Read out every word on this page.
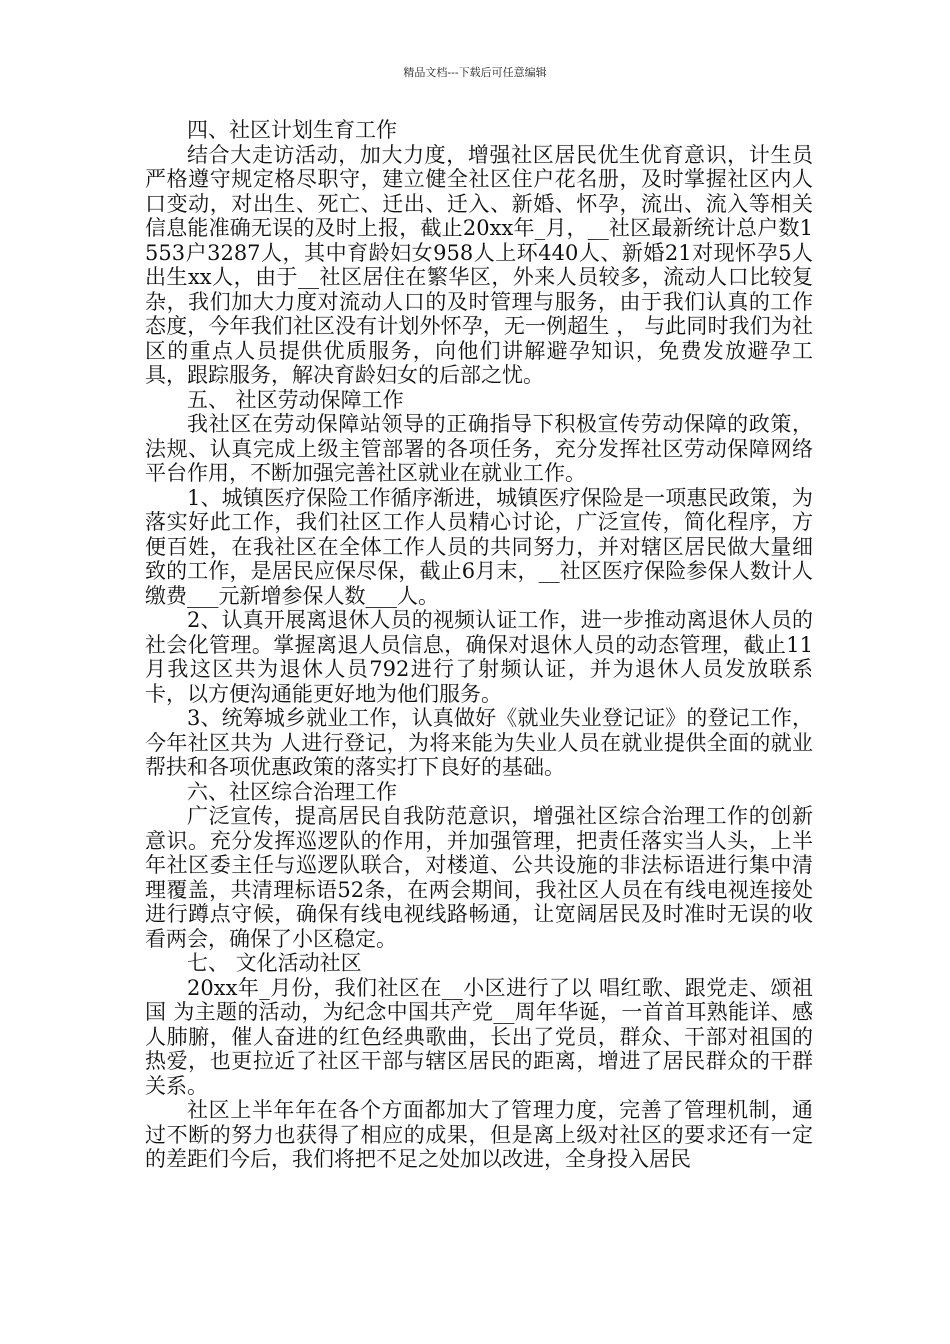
精品文档---下载后可任意编辑

四、社区计划生育工作

结合大走访活动，加大力度，增强社区居民优生优育意识，计生员严格遵守规定格尽职守，建立健全社区住户花名册，及时掌握社区内人口变动，对出生、死亡、迁出、迁入、新婚、怀孕，流出、流入等相关信息能准确无误的及时上报，截止20xx年_月，__社区最新统计总户数1553户3287人，其中育龄妇女958人上环440人、新婚21对现怀孕5人出生xx人，由于__社区居住在繁华区，外来人员较多，流动人口比较复杂，我们加大力度对流动人口的及时管理与服务，由于我们认真的工作态度，今年我们社区没有计划外怀孕，无一例超生 ， 与此同时我们为社区的重点人员提供优质服务，向他们讲解避孕知识，免费发放避孕工具，跟踪服务，解决育龄妇女的后部之忧。

五、 社区劳动保障工作

我社区在劳动保障站领导的正确指导下积极宣传劳动保障的政策，法规、认真完成上级主管部署的各项任务，充分发挥社区劳动保障网络平台作用，不断加强完善社区就业在就业工作。

1、城镇医疗保险工作循序渐进，城镇医疗保险是一项惠民政策，为落实好此工作，我们社区工作人员精心讨论，广泛宣传，简化程序，方便百姓，在我社区在全体工作人员的共同努力，并对辖区居民做大量细致的工作，是居民应保尽保，截止6月末，__社区医疗保险参保人数计人缴费___元新增参保人数___人。

2、认真开展离退休人员的视频认证工作，进一步推动离退休人员的社会化管理。掌握离退人员信息，确保对退休人员的动态管理，截止11月我这区共为退休人员792进行了射频认证，并为退休人员发放联系卡，以方便沟通能更好地为他们服务。

3、统筹城乡就业工作，认真做好《就业失业登记证》的登记工作，今年社区共为 人进行登记，为将来能为失业人员在就业提供全面的就业帮扶和各项优惠政策的落实打下良好的基础。

六、社区综合治理工作

广泛宣传，提高居民自我防范意识，增强社区综合治理工作的创新意识。充分发挥巡逻队的作用，并加强管理，把责任落实当人头，上半年社区委主任与巡逻队联合，对楼道、公共设施的非法标语进行集中清理覆盖，共清理标语52条，在两会期间，我社区人员在有线电视连接处进行蹲点守候，确保有线电视线路畅通，让宽阔居民及时准时无误的收看两会，确保了小区稳定。

七、 文化活动社区

20xx年_月份，我们社区在__小区进行了以 唱红歌、跟党走、颂祖国 为主题的活动，为纪念中国共产党__周年华诞，一首首耳熟能详、感人肺腑，催人奋进的红色经典歌曲，长出了党员，群众、干部对祖国的热爱，也更拉近了社区干部与辖区居民的距离，增进了居民群众的干群关系。

社区上半年年在各个方面都加大了管理力度，完善了管理机制，通过不断的努力也获得了相应的成果，但是离上级对社区的要求还有一定的差距们今后，我们将把不足之处加以改进，全身投入居民
